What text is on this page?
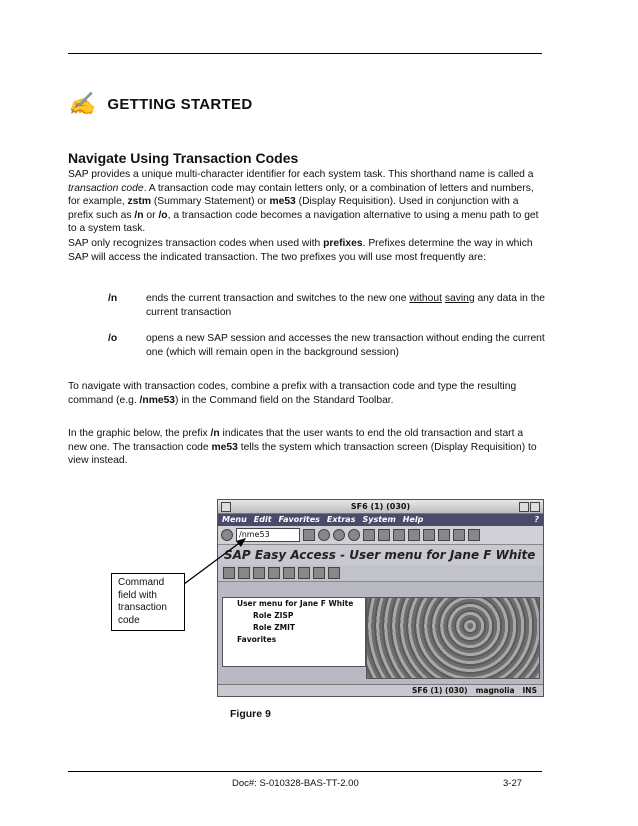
✍ GETTING STARTED
Navigate Using Transaction Codes
SAP provides a unique multi-character identifier for each system task. This shorthand name is called a transaction code. A transaction code may contain letters only, or a combination of letters and numbers, for example, zstm (Summary Statement) or me53 (Display Requisition). Used in conjunction with a prefix such as /n or /o, a transaction code becomes a navigation alternative to using a menu path to get to a system task.
SAP only recognizes transaction codes when used with prefixes. Prefixes determine the way in which SAP will access the indicated transaction. The two prefixes you will use most frequently are:
/n	ends the current transaction and switches to the new one without saving any data in the current transaction
/o	opens a new SAP session and accesses the new transaction without ending the current one (which will remain open in the background session)
To navigate with transaction codes, combine a prefix with a transaction code and type the resulting command (e.g. /nme53) in the Command field on the Standard Toolbar.
In the graphic below, the prefix /n indicates that the user wants to end the old transaction and start a new one. The transaction code me53 tells the system which transaction screen (Display Requisition) to view instead.
SF6 (1) (030)
Menu Edit Favorites Extras System Help	?
/nme53
SAP Easy Access - User menu for Jane F White
User menu for Jane F White
Role ZISP
Role ZMIT
Favorites
SF6 (1) (030) magnolia INS
Command field with transaction code
Figure 9
Doc#: S-010328-BAS-TT-2.00	3-27
